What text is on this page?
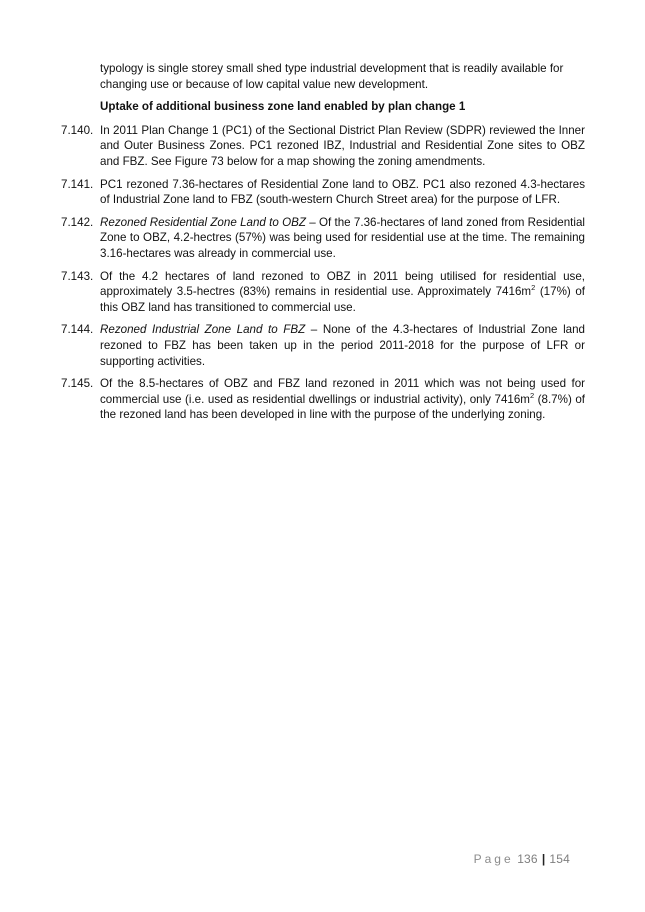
typology is single storey small shed type industrial development that is readily available for changing use or because of low capital value new development.
Uptake of additional business zone land enabled by plan change 1
7.140. In 2011 Plan Change 1 (PC1) of the Sectional District Plan Review (SDPR) reviewed the Inner and Outer Business Zones. PC1 rezoned IBZ, Industrial and Residential Zone sites to OBZ and FBZ. See Figure 73 below for a map showing the zoning amendments.
7.141. PC1 rezoned 7.36-hectares of Residential Zone land to OBZ. PC1 also rezoned 4.3-hectares of Industrial Zone land to FBZ (south-western Church Street area) for the purpose of LFR.
7.142. Rezoned Residential Zone Land to OBZ – Of the 7.36-hectares of land zoned from Residential Zone to OBZ, 4.2-hectres (57%) was being used for residential use at the time. The remaining 3.16-hectares was already in commercial use.
7.143. Of the 4.2 hectares of land rezoned to OBZ in 2011 being utilised for residential use, approximately 3.5-hectres (83%) remains in residential use. Approximately $7416m^2$ (17%) of this OBZ land has transitioned to commercial use.
7.144. Rezoned Industrial Zone Land to FBZ – None of the 4.3-hectares of Industrial Zone land rezoned to FBZ has been taken up in the period 2011-2018 for the purpose of LFR or supporting activities.
7.145. Of the 8.5-hectares of OBZ and FBZ land rezoned in 2011 which was not being used for commercial use (i.e. used as residential dwellings or industrial activity), only $7416m^2$ (8.7%) of the rezoned land has been developed in line with the purpose of the underlying zoning.
Page 136 | 154
